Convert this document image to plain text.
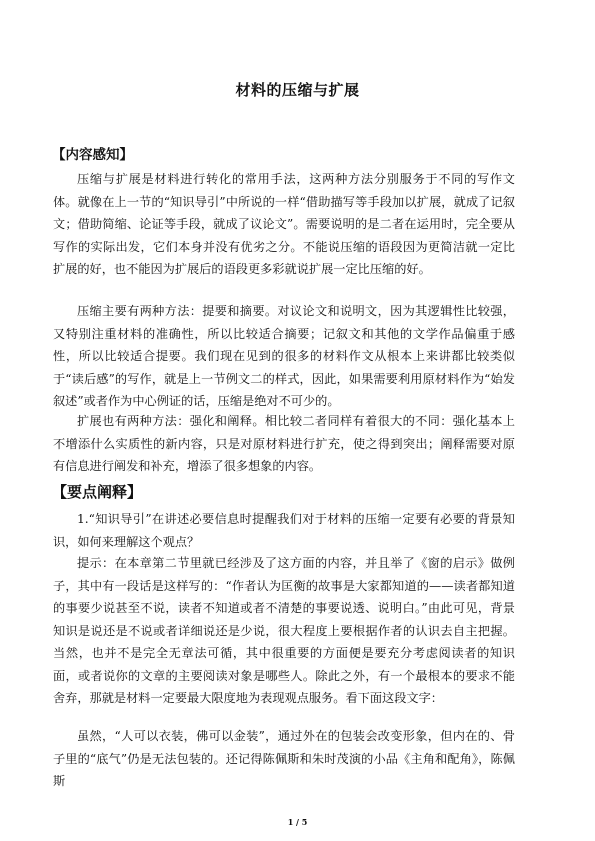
材料的压缩与扩展
【内容感知】

压缩与扩展是材料进行转化的常用手法，这两种方法分别服务于不同的写作文体。就像在上一节的“知识导引”中所说的一样“借助描写等手段加以扩展，就成了记叙文；借助简缩、论证等手段，就成了议论文”。需要说明的是二者在运用时，完全要从写作的实际出发，它们本身并没有优劣之分。不能说压缩的语段因为更简洁就一定比扩展的好，也不能因为扩展后的语段更多彩就说扩展一定比压缩的好。

压缩主要有两种方法：提要和摘要。对议论文和说明文，因为其逻辑性比较强，又特别注重材料的准确性，所以比较适合摘要；记叙文和其他的文学作品偏重于感性，所以比较适合提要。我们现在见到的很多的材料作文从根本上来讲都比较类似于“读后感”的写作，就是上一节例文二的样式，因此，如果需要利用原材料作为“始发叙述”或者作为中心例证的话，压缩是绝对不可少的。

扩展也有两种方法：强化和阐释。相比较二者同样有着很大的不同：强化基本上不增添什么实质性的新内容，只是对原材料进行扩充，使之得到突出；阐释需要对原有信息进行阐发和补充，增添了很多想象的内容。

【要点阐释】

1.“知识导引”在讲述必要信息时提醒我们对于材料的压缩一定要有必要的背景知识，如何来理解这个观点？

提示：在本章第二节里就已经涉及了这方面的内容，并且举了《窗的启示》做例子，其中有一段话是这样写的：“作者认为匡衡的故事是大家都知道的——读者都知道的事要少说甚至不说，读者不知道或者不清楚的事要说透、说明白。”由此可见，背景知识是说还是不说或者详细说还是少说，很大程度上要根据作者的认识去自主把握。当然，也并不是完全无章法可循，其中很重要的方面便是要充分考虑阅读者的知识面，或者说你的文章的主要阅读对象是哪些人。除此之外，有一个最根本的要求不能舍弃，那就是材料一定要最大限度地为表现观点服务。看下面这段文字：

虽然，“人可以衣装，佛可以金装”，通过外在的包装会改变形象，但内在的、骨子里的“底气”仍是无法包装的。还记得陈佩斯和朱时茂演的小品《主角和配角》，陈佩斯

1 / 5
